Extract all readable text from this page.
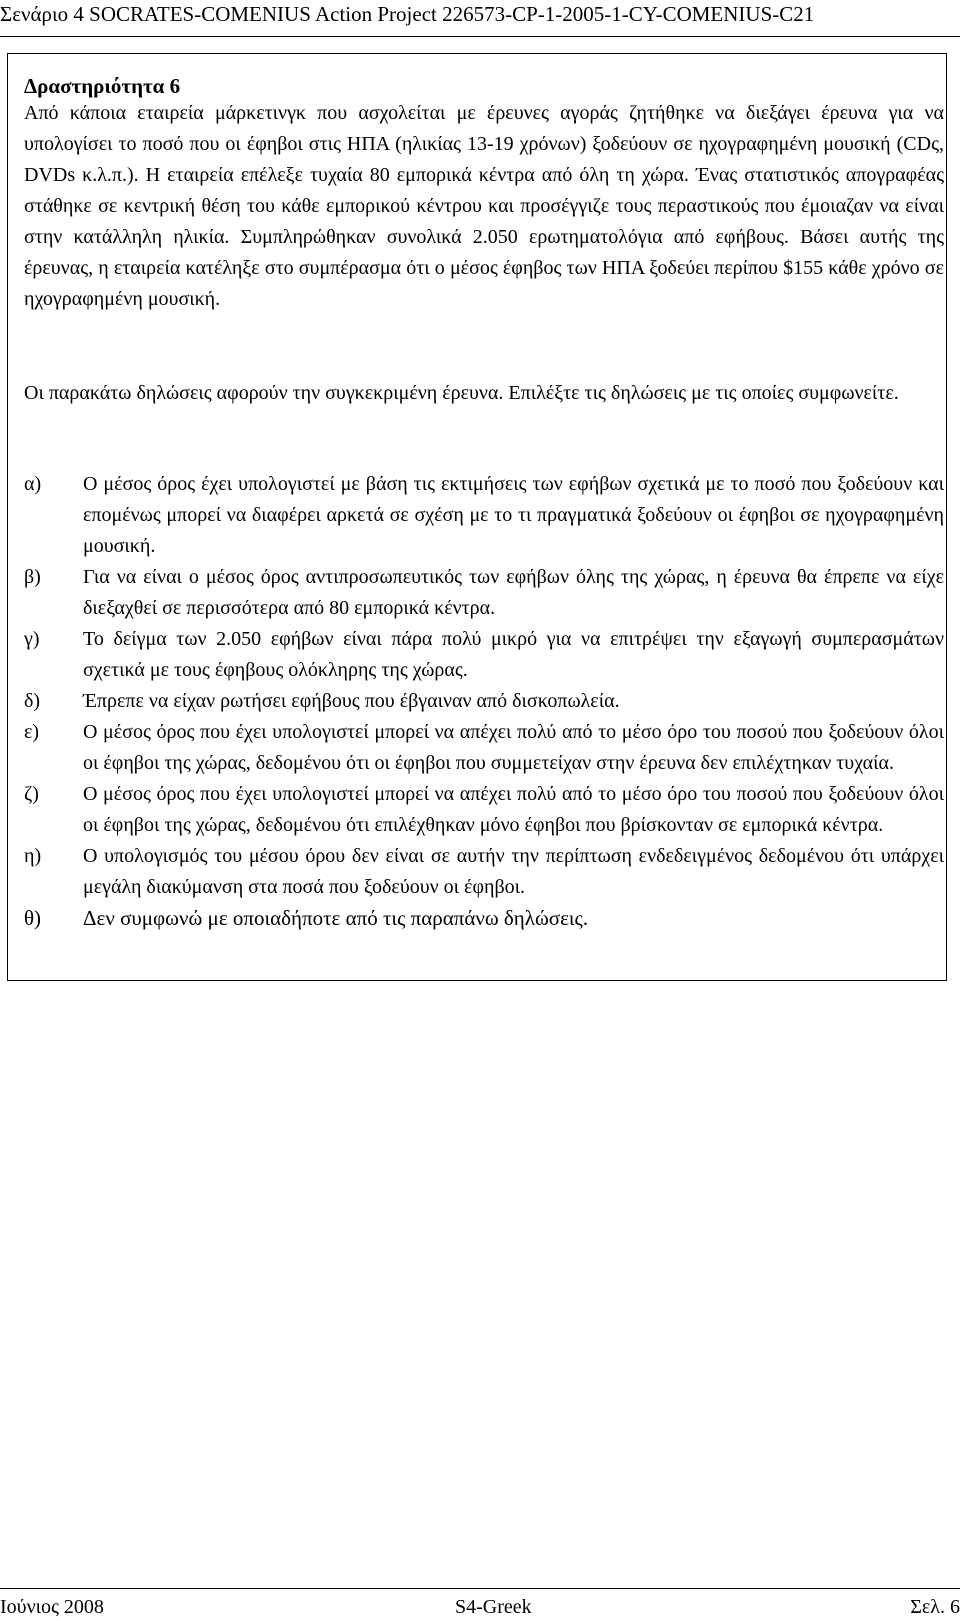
Σενάριο 4 SOCRATES-COMENIUS Action Project 226573-CP-1-2005-1-CY-COMENIUS-C21
Δραστηριότητα 6
Από κάποια εταιρεία μάρκετινγκ που ασχολείται με έρευνες αγοράς ζητήθηκε να διεξάγει έρευνα για να υπολογίσει το ποσό που οι έφηβοι στις ΗΠΑ (ηλικίας 13-19 χρόνων) ξοδεύουν σε ηχογραφημένη μουσική (CDς, DVDs κ.λ.π.). Η εταιρεία επέλεξε τυχαία 80 εμπορικά κέντρα από όλη τη χώρα. Ένας στατιστικός απογραφέας στάθηκε σε κεντρική θέση του κάθε εμπορικού κέντρου και προσέγγιζε τους περαστικούς που έμοιαζαν να είναι στην κατάλληλη ηλικία. Συμπληρώθηκαν συνολικά 2.050 ερωτηματολόγια από εφήβους. Βάσει αυτής της έρευνας, η εταιρεία κατέληξε στο συμπέρασμα ότι ο μέσος έφηβος των ΗΠΑ ξοδεύει περίπου $155 κάθε χρόνο σε ηχογραφημένη μουσική.
Οι παρακάτω δηλώσεις αφορούν την συγκεκριμένη έρευνα. Επιλέξτε τις δηλώσεις με τις οποίες συμφωνείτε.
α)	Ο μέσος όρος έχει υπολογιστεί με βάση τις εκτιμήσεις των εφήβων σχετικά με το ποσό που ξοδεύουν και επομένως μπορεί να διαφέρει αρκετά σε σχέση με το τι πραγματικά ξοδεύουν οι έφηβοι σε ηχογραφημένη μουσική.
β)	Για να είναι ο μέσος όρος αντιπροσωπευτικός των εφήβων όλης της χώρας, η έρευνα θα έπρεπε να είχε διεξαχθεί σε περισσότερα από 80 εμπορικά κέντρα.
γ)	Το δείγμα των 2.050 εφήβων είναι πάρα πολύ μικρό για να επιτρέψει την εξαγωγή συμπερασμάτων σχετικά με τους έφηβους ολόκληρης της χώρας.
δ)	Έπρεπε να είχαν ρωτήσει εφήβους που έβγαιναν από δισκοπωλεία.
ε)	Ο μέσος όρος που έχει υπολογιστεί μπορεί να απέχει πολύ από το μέσο όρο του ποσού που ξοδεύουν όλοι οι έφηβοι της χώρας, δεδομένου ότι οι έφηβοι που συμμετείχαν στην έρευνα δεν επιλέχτηκαν τυχαία.
ζ)	Ο μέσος όρος που έχει υπολογιστεί μπορεί να απέχει πολύ από το μέσο όρο του ποσού που ξοδεύουν όλοι οι έφηβοι της χώρας, δεδομένου ότι επιλέχθηκαν μόνο έφηβοι που βρίσκονταν σε εμπορικά κέντρα.
η)	Ο υπολογισμός του μέσου όρου δεν είναι σε αυτήν την περίπτωση ενδεδειγμένος δεδομένου ότι υπάρχει μεγάλη διακύμανση στα ποσά που ξοδεύουν οι έφηβοι.
θ)	Δεν συμφωνώ με οποιαδήποτε από τις παραπάνω δηλώσεις.
Ιούνιος 2008	S4-Greek	Σελ. 6
